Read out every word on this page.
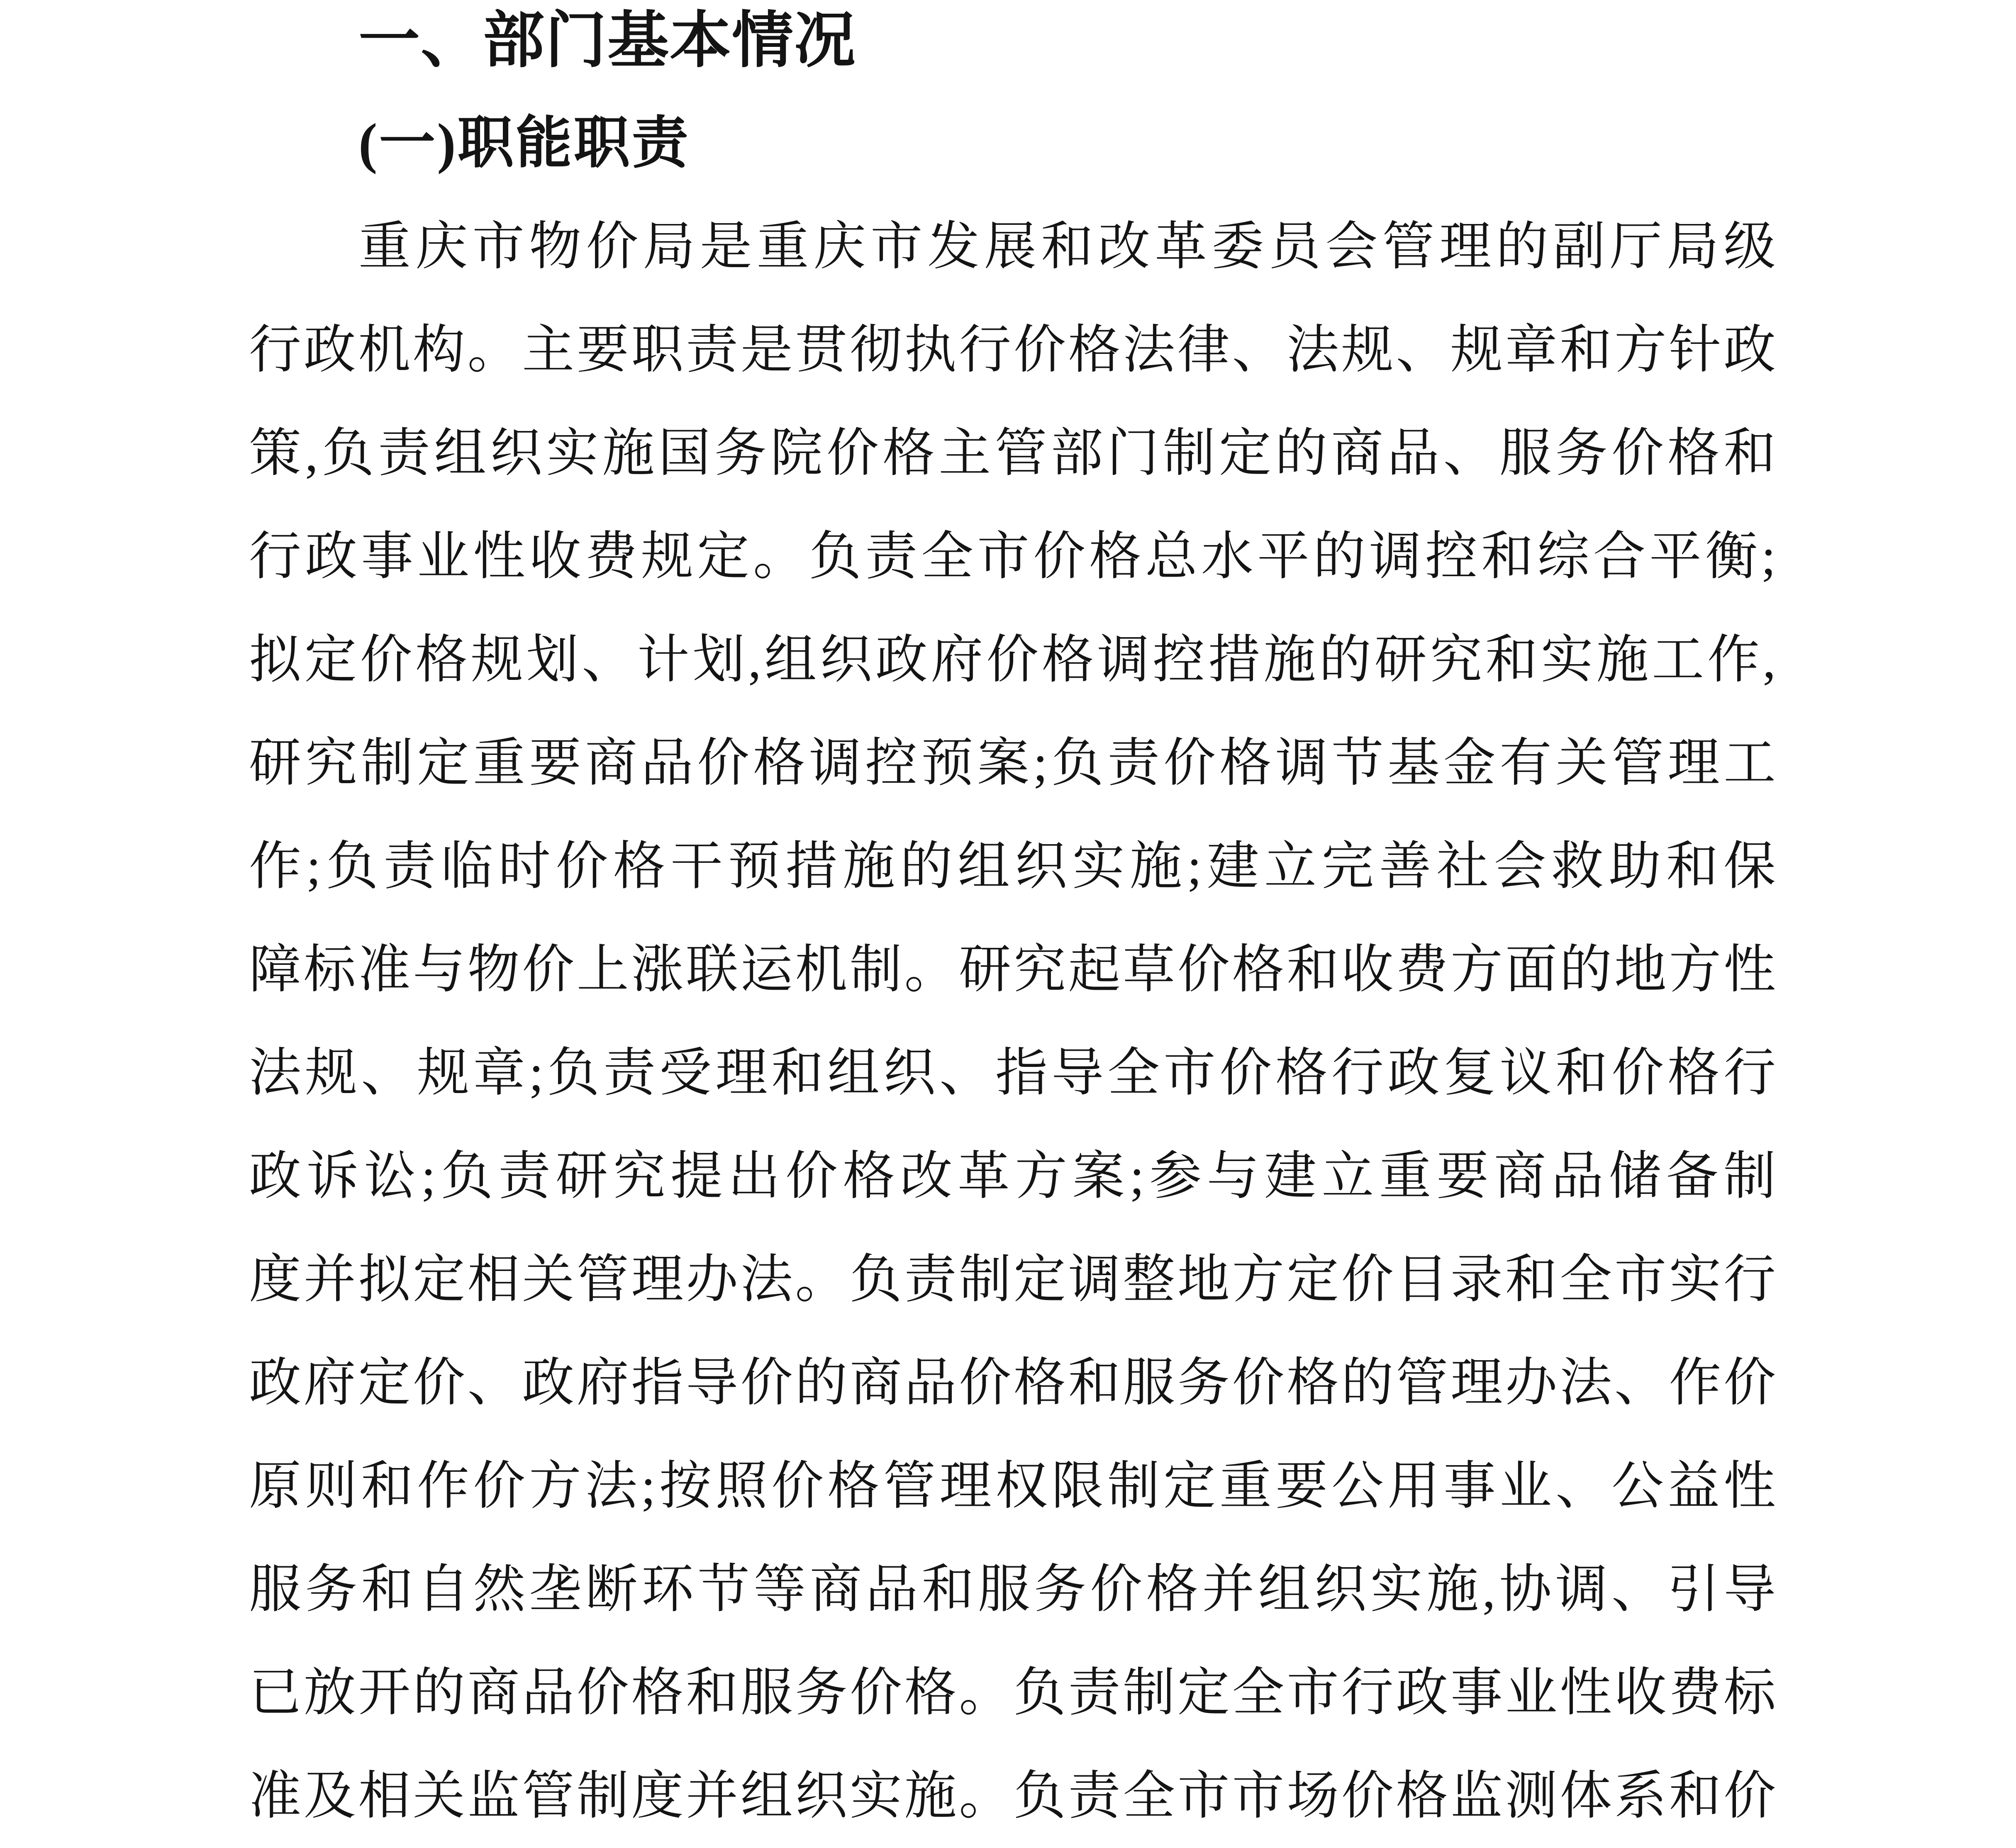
一、部门基本情况
(一)职能职责
重庆市物价局是重庆市发展和改革委员会管理的副厅局级
行政机构。主要职责是贯彻执行价格法律、法规、规章和方针政
策,负责组织实施国务院价格主管部门制定的商品、服务价格和
行政事业性收费规定。负责全市价格总水平的调控和综合平衡;
拟定价格规划、计划,组织政府价格调控措施的研究和实施工作,
研究制定重要商品价格调控预案;负责价格调节基金有关管理工
作;负责临时价格干预措施的组织实施;建立完善社会救助和保
障标准与物价上涨联运机制。研究起草价格和收费方面的地方性
法规、规章;负责受理和组织、指导全市价格行政复议和价格行
政诉讼;负责研究提出价格改革方案;参与建立重要商品储备制
度并拟定相关管理办法。负责制定调整地方定价目录和全市实行
政府定价、政府指导价的商品价格和服务价格的管理办法、作价
原则和作价方法;按照价格管理权限制定重要公用事业、公益性
服务和自然垄断环节等商品和服务价格并组织实施,协调、引导
已放开的商品价格和服务价格。负责制定全市行政事业性收费标
准及相关监管制度并组织实施。负责全市市场价格监测体系和价
